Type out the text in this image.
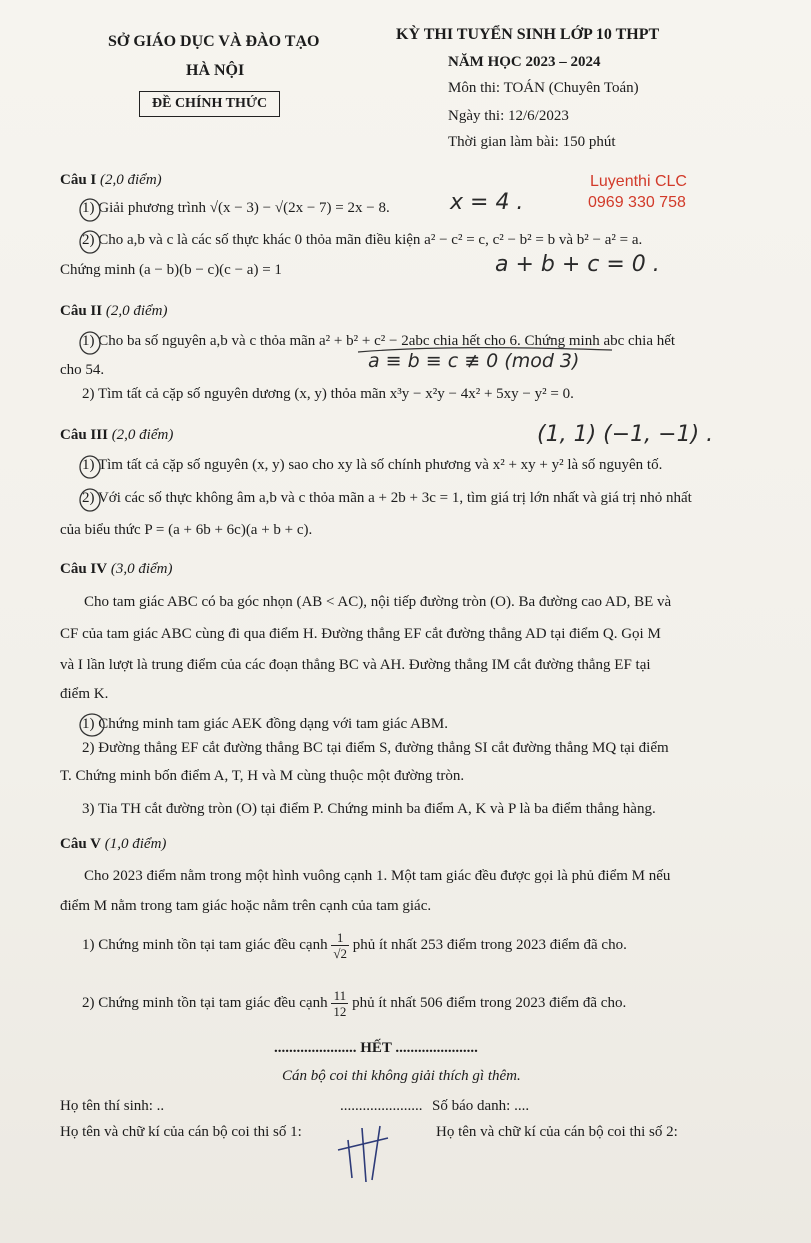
SỞ GIÁO DỤC VÀ ĐÀO TẠO
HÀ NỘI
ĐỀ CHÍNH THỨC
KỲ THI TUYỂN SINH LỚP 10 THPT
NĂM HỌC 2023 – 2024
Môn thi: TOÁN (Chuyên Toán)
Ngày thi: 12/6/2023
Thời gian làm bài: 150 phút
Luyenthi CLC
0969 330 758
Câu I (2,0 điểm)
1) Giải phương trình √(x − 3) − √(2x − 7) = 2x − 8.	x = 4 .
2) Cho a,b và c là các số thực khác 0 thỏa mãn điều kiện a² − c² = c, c² − b² = b và b² − a² = a.
Chứng minh (a − b)(b − c)(c − a) = 1	a + b + c = 0 .
Câu II (2,0 điểm)
1) Cho ba số nguyên a,b và c thỏa mãn a² + b² + c² − 2abc chia hết cho 6. Chứng minh abc chia hết
cho 54.	a ≡ b ≡ c ≢ 0 (mod 3)
2) Tìm tất cả cặp số nguyên dương (x, y) thỏa mãn x³y − x²y − 4x² + 5xy − y² = 0.
Câu III (2,0 điểm)	(1, 1) (−1, −1) .
1) Tìm tất cả cặp số nguyên (x, y) sao cho xy là số chính phương và x² + xy + y² là số nguyên tố.
2) Với các số thực không âm a,b và c thỏa mãn a + 2b + 3c = 1, tìm giá trị lớn nhất và giá trị nhỏ nhất
của biểu thức P = (a + 6b + 6c)(a + b + c).
Câu IV (3,0 điểm)
Cho tam giác ABC có ba góc nhọn (AB < AC), nội tiếp đường tròn (O). Ba đường cao AD, BE và
CF của tam giác ABC cùng đi qua điểm H. Đường thẳng EF cắt đường thẳng AD tại điểm Q. Gọi M
và I lần lượt là trung điểm của các đoạn thẳng BC và AH. Đường thẳng IM cắt đường thẳng EF tại
điểm K.
1) Chứng minh tam giác AEK đồng dạng với tam giác ABM.
2) Đường thẳng EF cắt đường thẳng BC tại điểm S, đường thẳng SI cắt đường thẳng MQ tại điểm
T. Chứng minh bốn điểm A, T, H và M cùng thuộc một đường tròn.
3) Tia TH cắt đường tròn (O) tại điểm P. Chứng minh ba điểm A, K và P là ba điểm thẳng hàng.
Câu V (1,0 điểm)
Cho 2023 điểm nằm trong một hình vuông cạnh 1. Một tam giác đều được gọi là phủ điểm M nếu
điểm M nằm trong tam giác hoặc nằm trên cạnh của tam giác.
1) Chứng minh tồn tại tam giác đều cạnh $\frac{1}{√2}$ phủ ít nhất 253 điểm trong 2023 điểm đã cho.
2) Chứng minh tồn tại tam giác đều cạnh $\frac{11}{12}$ phủ ít nhất 506 điểm trong 2023 điểm đã cho.
...................... HẾT ......................
Cán bộ coi thi không giải thích gì thêm.
Họ tên thí sinh: ..	...................... Số báo danh: ....
Họ tên và chữ kí của cán bộ coi thi số 1:	Họ tên và chữ kí của cán bộ coi thi số 2:
